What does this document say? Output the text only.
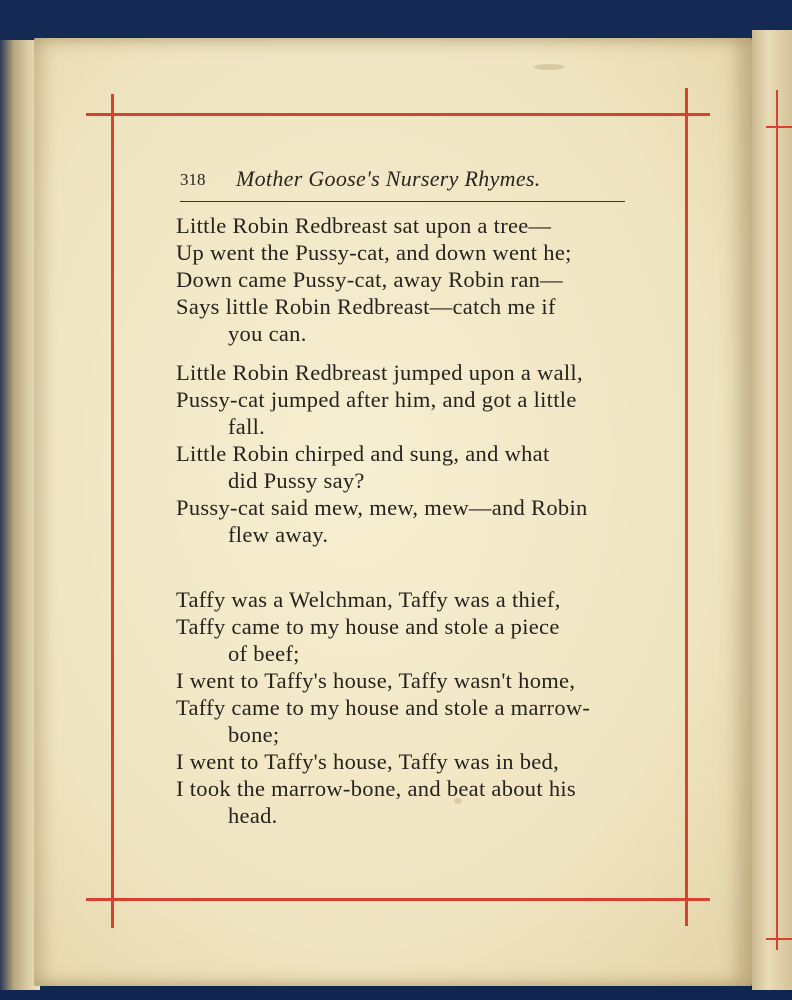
318 Mother Goose's Nursery Rhymes.
Little Robin Redbreast sat upon a tree—
Up went the Pussy-cat, and down went he;
Down came Pussy-cat, away Robin ran—
Says little Robin Redbreast—catch me if
you can.
Little Robin Redbreast jumped upon a wall,
Pussy-cat jumped after him, and got a little
fall.
Little Robin chirped and sung, and what
did Pussy say?
Pussy-cat said mew, mew, mew—and Robin
flew away.
Taffy was a Welchman, Taffy was a thief,
Taffy came to my house and stole a piece
of beef;
I went to Taffy's house, Taffy wasn't home,
Taffy came to my house and stole a marrow-
bone;
I went to Taffy's house, Taffy was in bed,
I took the marrow-bone, and beat about his
head.
